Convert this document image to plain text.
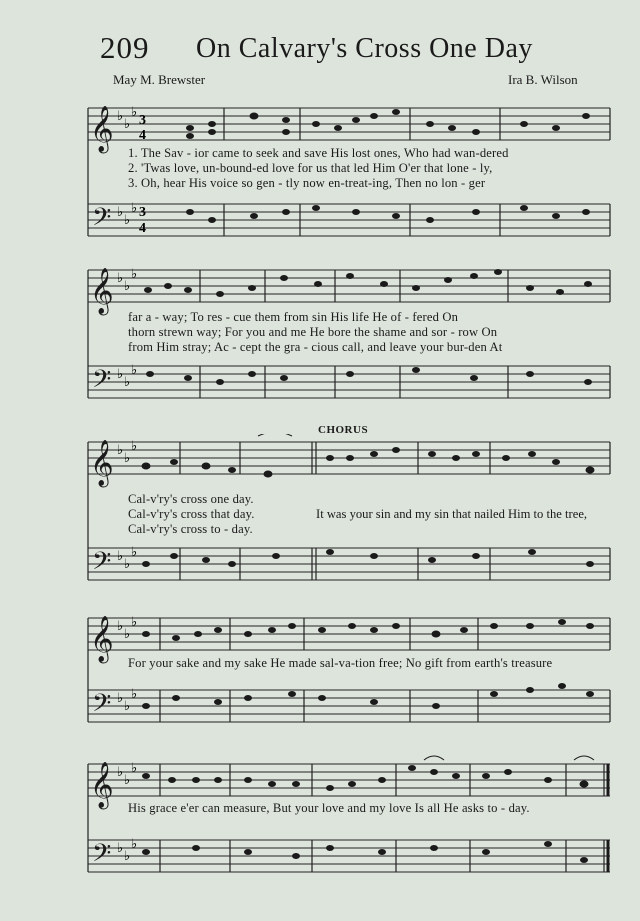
209 On Calvary's Cross One Day
May M. Brewster	Ira B. Wilson
𝄞
𝄢
♭
♭
♭
♭
♭
♭
3
4
3
4
1. The Sav - ior came to seek and save His lost ones, Who had wan-dered
2. 'Twas love, un-bound-ed love for us that led Him O'er that lone - ly,
3. Oh, hear His voice so gen - tly now en-treat-ing, Then no lon - ger
𝄞
𝄢
♭
♭
♭
♭
♭
♭
far a - way; To res - cue them from sin His life He of - fered On
thorn strewn way; For you and me He bore the shame and sor - row On
from Him stray; Ac - cept the gra - cious call, and leave your bur-den At
𝄞
𝄢
♭
♭
♭
♭
♭
♭
Cal-v'ry's cross one day.
Cal-v'ry's cross that day.
Cal-v'ry's cross to - day.
CHORUS
It was your sin and my sin that nailed Him to the tree,
𝄞
𝄢
♭
♭
♭
♭
♭
♭
For your sake and my sake He made sal-va-tion free; No gift from earth's treasure
𝄞
𝄢
♭
♭
♭
♭
♭
♭
His grace e'er can measure, But your love and my love Is all He asks to - day.
